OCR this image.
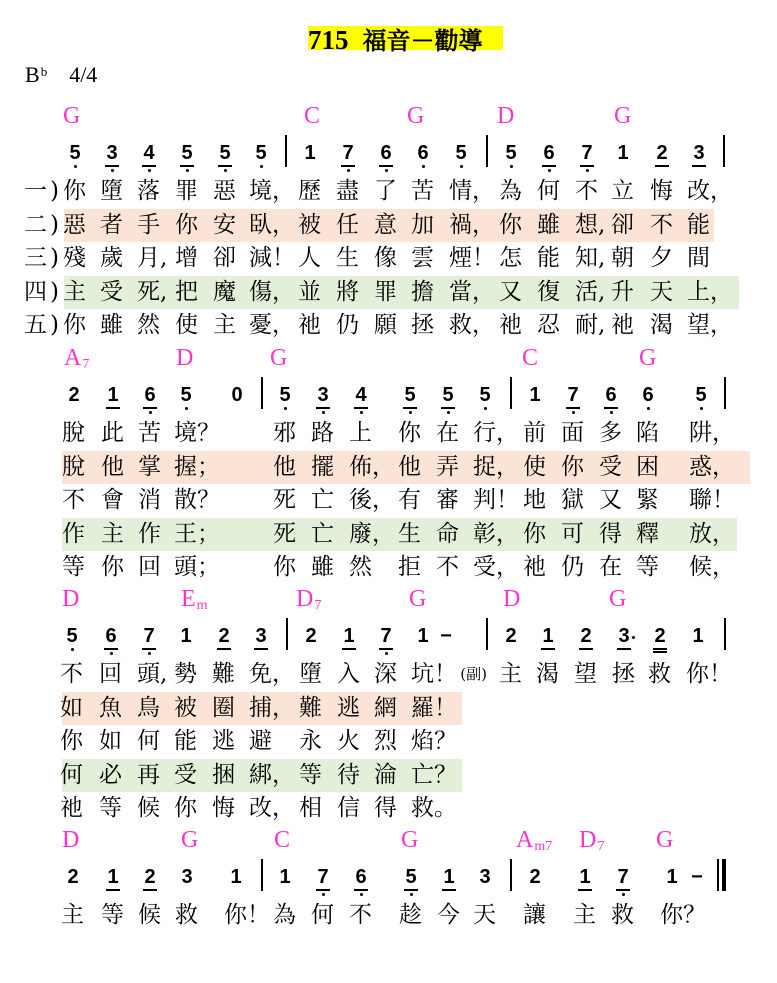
715 福音－勸導
$B^b$ 4/4
G	C	G	D	G
5 3 4 5 5 5 1 7 6 6 5 5 6 7 1 2 3
一) 你 墮 落 罪 惡 境， 歷 盡 了 苦 情， 為 何 不 立 悔 改，
二) 惡 者 手 你 安 臥， 被 任 意 加 禍， 你 雖 想, 卻 不 能
三) 殘 歲 月, 增 卻 減！ 人 生 像 雲 煙！ 怎 能 知, 朝 夕 間
四) 主 受 死, 把 魔 傷， 並 將 罪 擔 當， 又 復 活, 升 天 上，
五) 你 雖 然 使 主 憂， 祂 仍 願 拯 救， 祂 忍 耐, 祂 渴 望，
$A_7$	D	G	C	G
2 1 6 5 0 5 3 4 5 5 5 1 7 6 6 5
脫 此 苦 境？ 邪 路 上 你 在 行， 前 面 多 陷 阱，
脫 他 掌 握； 他 擺 佈， 他 弄 捉， 使 你 受 困 惑，
不 會 消 散？ 死 亡 後， 有 審 判！ 地 獄 又 緊 聯！
作 主 作 王； 死 亡 廢， 生 命 彰， 你 可 得 釋 放，
等 你 回 頭； 你 雖 然 拒 不 受， 祂 仍 在 等 候，
D	$E_m$	$D_7$	G	D	G
5 6 7 1 2 3 2 1 7 1 −	2 1 2 3 2 1
不 回 頭, 勢 難 免， 墮 入 深 坑！ (副) 主 渴 望 拯 救 你！
如 魚 鳥 被 圈 捕， 難 逃 網 羅！
你 如 何 能 逃 避 永 火 烈 焰？
何 必 再 受 捆 綁， 等 待 淪 亡？
祂 等 候 你 悔 改， 相 信 得 救。
D	G	C	G	$A_{m7}$ $D_7$ G
2 1 2 3 1 1 7 6 5 1 3 2 1 7 1 −
主 等 候 救 你！ 為 何 不 趁 今 天 讓 主 救 你？
